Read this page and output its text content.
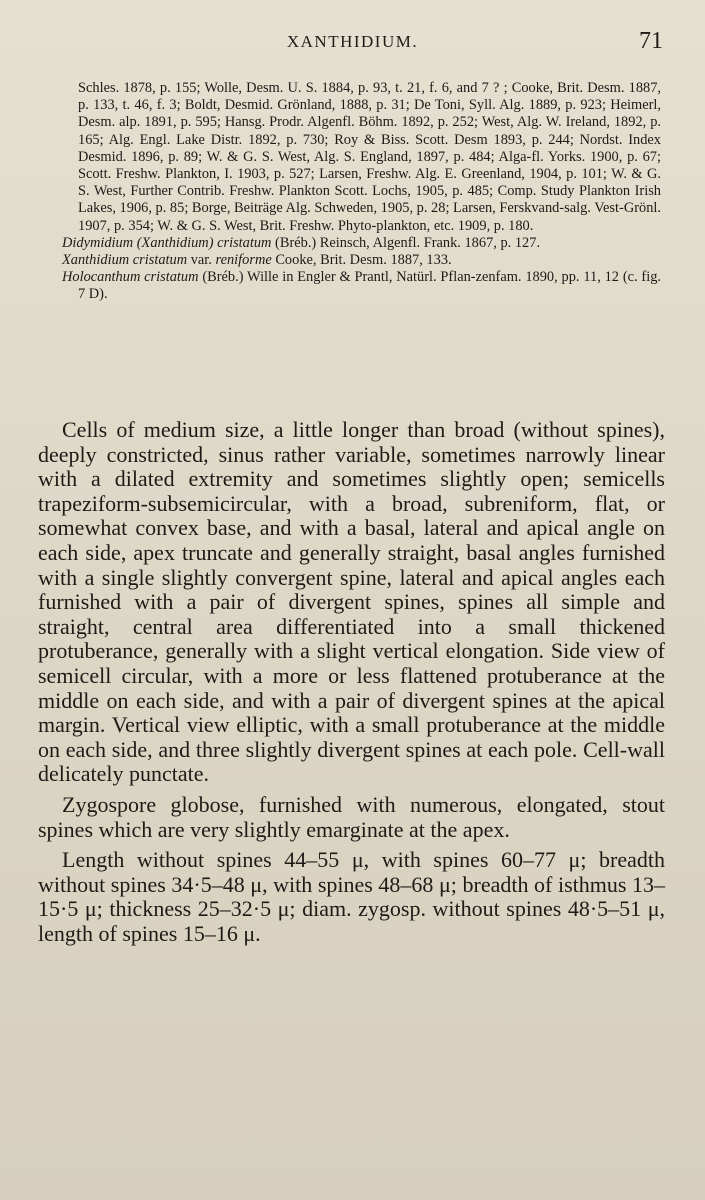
XANTHIDIUM.	71

Schles. 1878, p. 155; Wolle, Desm. U. S. 1884, p. 93, t. 21, f. 6, and 7 ? ; Cooke, Brit. Desm. 1887, p. 133, t. 46, f. 3; Boldt, Desmid. Grönland, 1888, p. 31; De Toni, Syll. Alg. 1889, p. 923; Heimerl, Desm. alp. 1891, p. 595; Hansg. Prodr. Algenfl. Böhm. 1892, p. 252; West, Alg. W. Ireland, 1892, p. 165; Alg. Engl. Lake Distr. 1892, p. 730; Roy & Biss. Scott. Desm 1893, p. 244; Nordst. Index Desmid. 1896, p. 89; W. & G. S. West, Alg. S. England, 1897, p. 484; Alga-fl. Yorks. 1900, p. 67; Scott. Freshw. Plankton, I. 1903, p. 527; Larsen, Freshw. Alg. E. Greenland, 1904, p. 101; W. & G. S. West, Further Contrib. Freshw. Plankton Scott. Lochs, 1905, p. 485; Comp. Study Plankton Irish Lakes, 1906, p. 85; Borge, Beiträge Alg. Schweden, 1905, p. 28; Larsen, Ferskvand-salg. Vest-Grönl. 1907, p. 354; W. & G. S. West, Brit. Freshw. Phyto-plankton, etc. 1909, p. 180.

Didymidium (Xanthidium) cristatum (Bréb.) Reinsch, Algenfl. Frank. 1867, p. 127.

Xanthidium cristatum var. reniforme Cooke, Brit. Desm. 1887, 133.

Holocanthum cristatum (Bréb.) Wille in Engler & Prantl, Natürl. Pflan-zenfam. 1890, pp. 11, 12 (c. fig. 7 D).

Cells of medium size, a little longer than broad (without spines), deeply constricted, sinus rather variable, sometimes narrowly linear with a dilated extremity and sometimes slightly open; semicells trapeziform-subsemicircular, with a broad, subreniform, flat, or somewhat convex base, and with a basal, lateral and apical angle on each side, apex truncate and generally straight, basal angles furnished with a single slightly convergent spine, lateral and apical angles each furnished with a pair of divergent spines, spines all simple and straight, central area differentiated into a small thickened protuberance, generally with a slight vertical elongation. Side view of semicell circular, with a more or less flattened protuberance at the middle on each side, and with a pair of divergent spines at the apical margin. Vertical view elliptic, with a small protuberance at the middle on each side, and three slightly divergent spines at each pole. Cell-wall delicately punctate.

Zygospore globose, furnished with numerous, elongated, stout spines which are very slightly emarginate at the apex.

Length without spines 44–55 μ, with spines 60–77 μ; breadth without spines 34·5–48 μ, with spines 48–68 μ; breadth of isthmus 13–15·5 μ; thickness 25–32·5 μ; diam. zygosp. without spines 48·5–51 μ, length of spines 15–16 μ.
